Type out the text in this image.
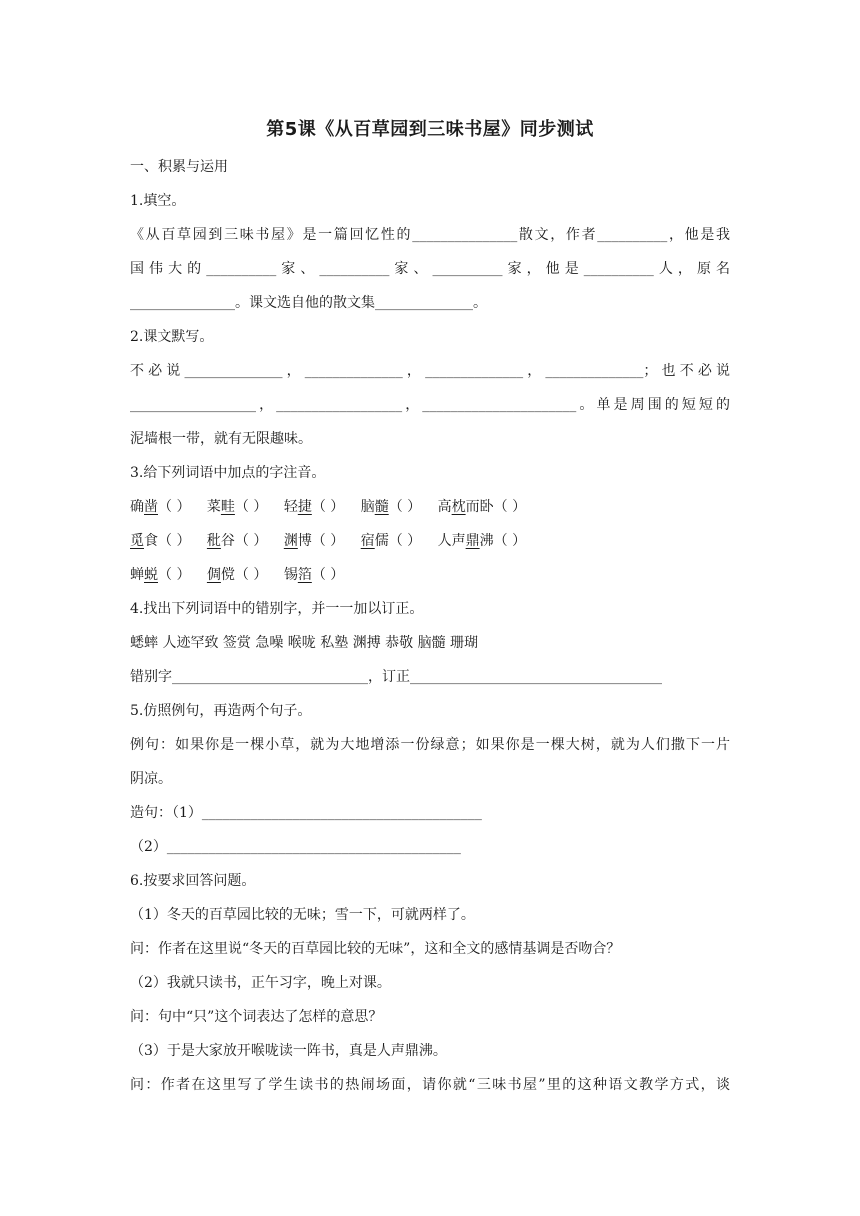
第5课《从百草园到三味书屋》同步测试
一、积累与运用
1.填空。
《从百草园到三味书屋》是一篇回忆性的_______________散文，作者__________，他是我
国伟大的__________家、__________家、__________家，他是__________人，原名
_______________。课文选自他的散文集______________。
2.课文默写。
不必说______________，______________，______________，______________；也不必说
__________________，__________________，______________________。单是周围的短短的
泥墙根一带，就有无限趣味。
3.给下列词语中加点的字注音。
确凿（ ） 菜畦（ ） 轻捷（ ） 脑髓（ ） 高枕而卧（ ）
觅食（ ） 秕谷（ ） 渊博（ ） 宿儒（ ） 人声鼎沸（ ）
蝉蜕（ ） 倜傥（ ） 锡箔（ ）
4.找出下列词语中的错别字，并一一加以订正。
蟋蟀 人迹罕致 签赏 急噪 喉咙 私塾 渊搏 恭敬 脑髓 珊瑚
错别字____________________________，订正____________________________________
5.仿照例句，再造两个句子。
例句：如果你是一棵小草，就为大地增添一份绿意；如果你是一棵大树，就为人们撒下一片
阴凉。
造句：（1）________________________________________
（2）__________________________________________
6.按要求回答问题。
（1）冬天的百草园比较的无味；雪一下，可就两样了。
问：作者在这里说“冬天的百草园比较的无味”，这和全文的感情基调是否吻合？
（2）我就只读书，正午习字，晚上对课。
问：句中“只”这个词表达了怎样的意思？
（3）于是大家放开喉咙读一阵书，真是人声鼎沸。
问：作者在这里写了学生读书的热闹场面，请你就“三味书屋”里的这种语文教学方式，谈
